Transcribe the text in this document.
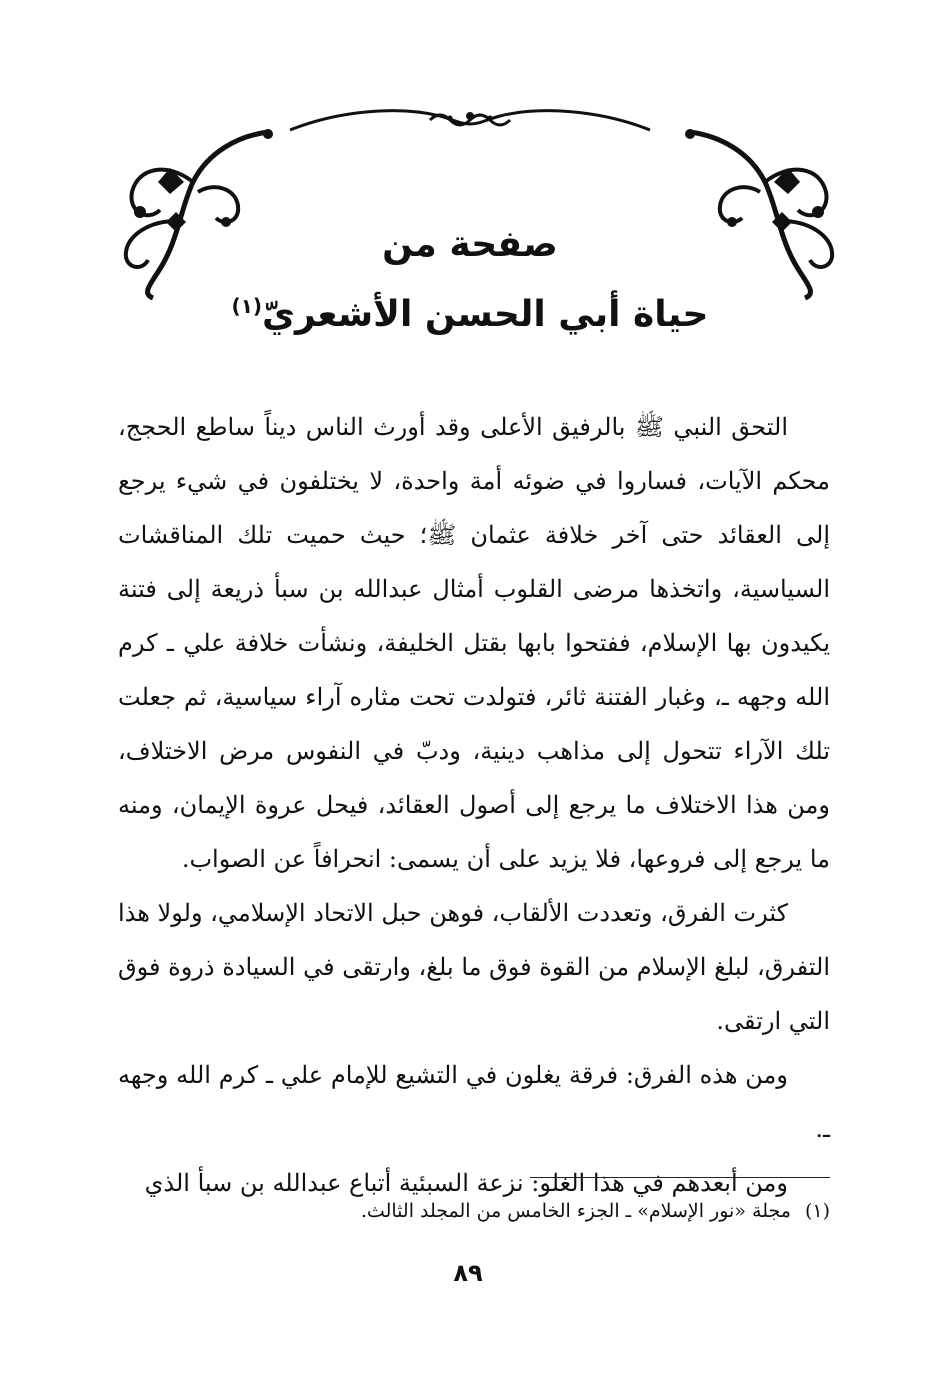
صفحة من
حياة أبي الحسن الأشعريّ$^{(١)}$

التحق النبي ﷺ بالرفيق الأعلى وقد أورث الناس ديناً ساطع الحجج، محكم الآيات، فساروا في ضوئه أمة واحدة، لا يختلفون في شيء يرجع إلى العقائد حتى آخر خلافة عثمان ﷺ؛ حيث حميت تلك المناقشات السياسية، واتخذها مرضى القلوب أمثال عبدالله بن سبأ ذريعة إلى فتنة يكيدون بها الإسلام، ففتحوا بابها بقتل الخليفة، ونشأت خلافة علي ـ كرم الله وجهه ـ، وغبار الفتنة ثائر، فتولدت تحت مثاره آراء سياسية، ثم جعلت تلك الآراء تتحول إلى مذاهب دينية، ودبّ في النفوس مرض الاختلاف، ومن هذا الاختلاف ما يرجع إلى أصول العقائد، فيحل عروة الإيمان، ومنه ما يرجع إلى فروعها، فلا يزيد على أن يسمى: انحرافاً عن الصواب.

كثرت الفرق، وتعددت الألقاب، فوهن حبل الاتحاد الإسلامي، ولولا هذا التفرق، لبلغ الإسلام من القوة فوق ما بلغ، وارتقى في السيادة ذروة فوق التي ارتقى.

ومن هذه الفرق: فرقة يغلون في التشيع للإمام علي ـ كرم الله وجهه ـ.

ومن أبعدهم في هذا الغلو: نزعة السبئية أتباع عبدالله بن سبأ الذي

(١)مجلة «نور الإسلام» ـ الجزء الخامس من المجلد الثالث.
٨٩
